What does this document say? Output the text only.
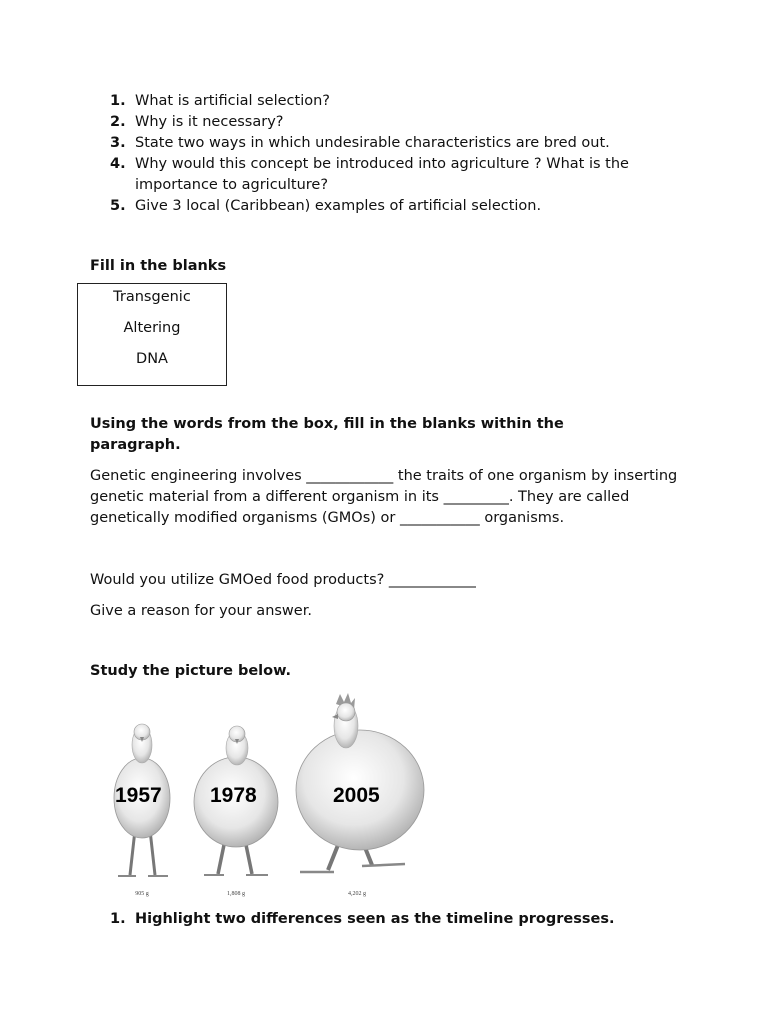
1. What is artificial selection?
2. Why is it necessary?
3. State two ways in which undesirable characteristics are bred out.
4. Why would this concept be introduced into agriculture ? What is the importance to agriculture?
5. Give 3 local (Caribbean) examples of artificial selection.
Fill in the blanks
Transgenic
Altering
DNA
Using the words from the box, fill in the blanks within the paragraph.
Genetic engineering involves ____________ the traits of one organism by inserting genetic material from a different organism in its _________. They are called genetically modified organisms (GMOs) or ___________ organisms.
Would you utilize GMOed food products? ____________
Give a reason for your answer.
Study the picture below.
1957 1978	2005
905 g	1,808 g	4,202 g
1. Highlight two differences seen as the timeline progresses.
